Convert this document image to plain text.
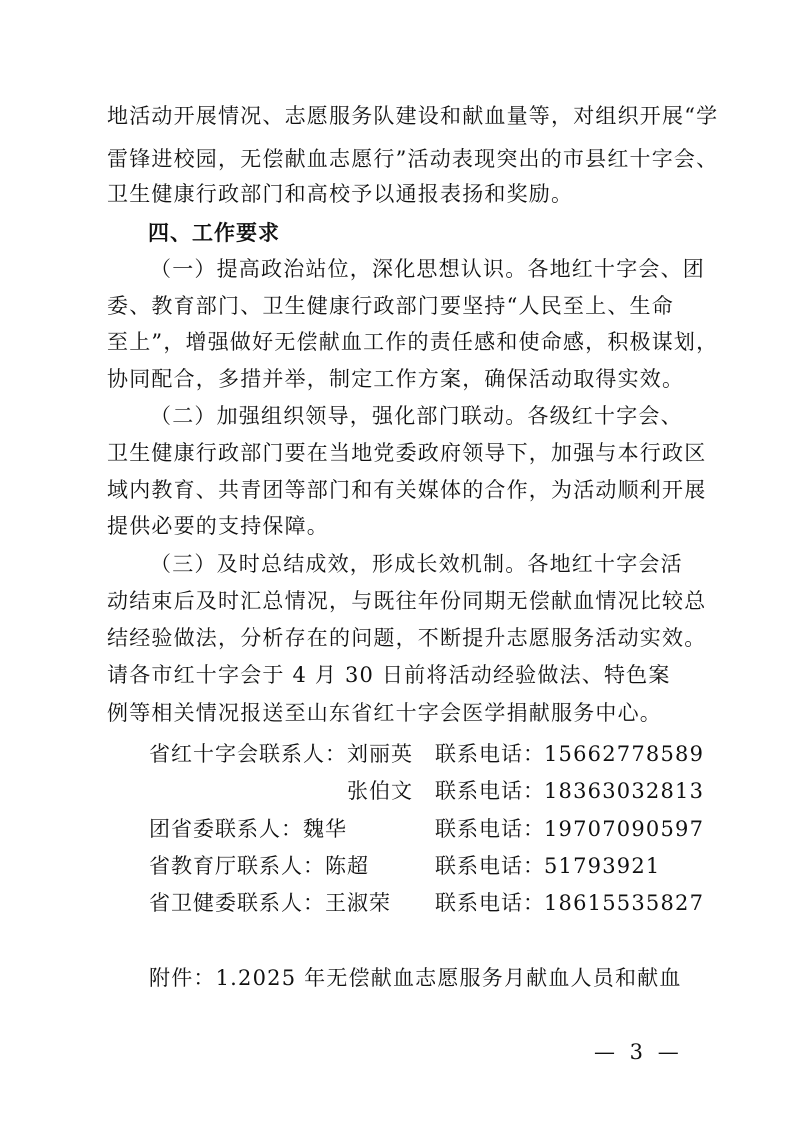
地活动开展情况、志愿服务队建设和献血量等，对组织开展“学
雷锋进校园，无偿献血志愿行”活动表现突出的市县红十字会、
卫生健康行政部门和高校予以通报表扬和奖励。
四、工作要求
（一）提高政治站位，深化思想认识。各地红十字会、团
委、教育部门、卫生健康行政部门要坚持“人民至上、生命
至上”，增强做好无偿献血工作的责任感和使命感，积极谋划，
协同配合，多措并举，制定工作方案，确保活动取得实效。
（二）加强组织领导，强化部门联动。各级红十字会、
卫生健康行政部门要在当地党委政府领导下，加强与本行政区
域内教育、共青团等部门和有关媒体的合作，为活动顺利开展
提供必要的支持保障。
（三）及时总结成效，形成长效机制。各地红十字会活
动结束后及时汇总情况，与既往年份同期无偿献血情况比较总
结经验做法，分析存在的问题，不断提升志愿服务活动实效。
请各市红十字会于 4 月 30 日前将活动经验做法、特色案
例等相关情况报送至山东省红十字会医学捐献服务中心。
省红十字会联系人：刘丽英 联系电话： 15662778589
张伯文 联系电话： 18363032813
团省委联系人：魏华	联系电话： 19707090597
省教育厅联系人：陈超	联系电话： 51793921
省卫健委联系人：王淑荣 联系电话： 18615535827
附件：1.2025 年无偿献血志愿服务月献血人员和献血
— 3 —
